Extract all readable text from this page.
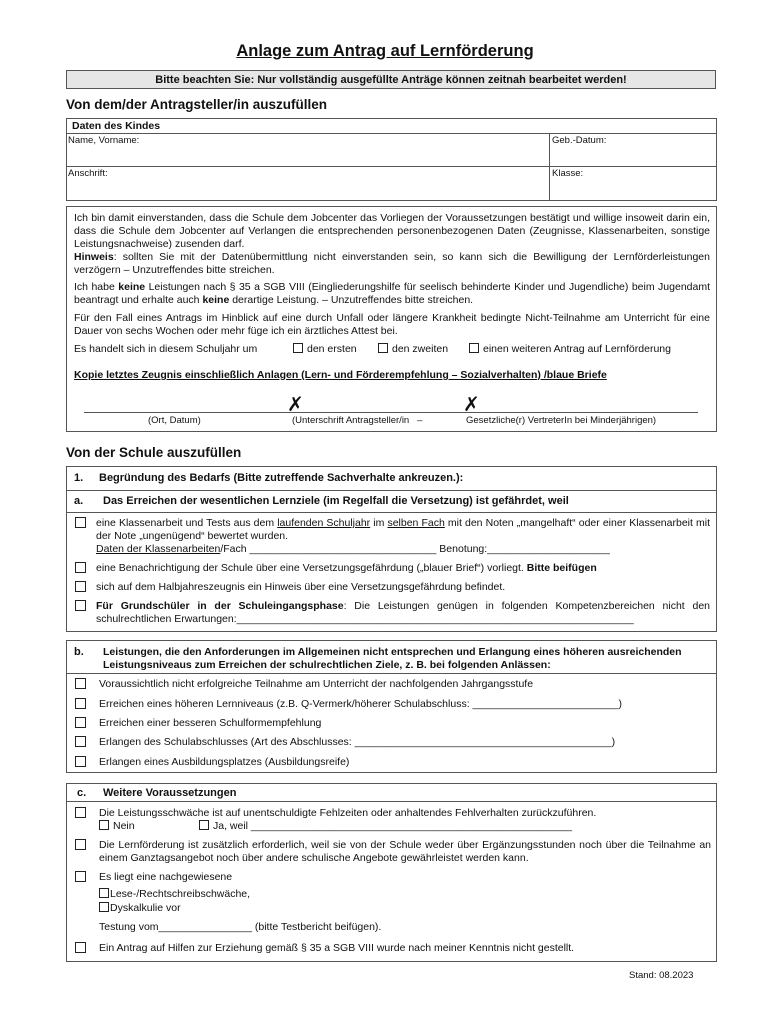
Anlage zum Antrag auf Lernförderung
Bitte beachten Sie: Nur vollständig ausgefüllte Anträge können zeitnah bearbeitet werden!
Von dem/der Antragsteller/in auszufüllen
Daten des Kindes
Name, Vorname:	Geb.-Datum:
Anschrift:	Klasse:
Ich bin damit einverstanden, dass die Schule dem Jobcenter das Vorliegen der Voraussetzungen bestätigt und willige insoweit darin ein, dass die Schule dem Jobcenter auf Verlangen die entsprechenden personenbezogenen Daten (Zeugnisse, Klassenarbeiten, sonstige Leistungsnachweise) zusenden darf.
Hinweis: sollten Sie mit der Datenübermittlung nicht einverstanden sein, so kann sich die Bewilligung der Lernförderleistungen verzögern – Unzutreffendes bitte streichen.
Ich habe keine Leistungen nach § 35 a SGB VIII (Eingliederungshilfe für seelisch behinderte Kinder und Jugendliche) beim Jugendamt beantragt und erhalte auch keine derartige Leistung. – Unzutreffendes bitte streichen.
Für den Fall eines Antrags im Hinblick auf eine durch Unfall oder längere Krankheit bedingte Nicht-Teilnahme am Unterricht für eine Dauer von sechs Wochen oder mehr füge ich ein ärztliches Attest bei.
Es handelt sich in diesem Schuljahr um	den ersten	den zweiten	einen weiteren Antrag auf Lernförderung
Kopie letztes Zeugnis einschließlich Anlagen (Lern- und Förderempfehlung – Sozialverhalten) /blaue Briefe
✗	✗
(Ort, Datum)	(Unterschrift Antragsteller/in   –	Gesetzliche(r) VertreterIn bei Minderjährigen)
Von der Schule auszufüllen
1. Begründung des Bedarfs (Bitte zutreffende Sachverhalte ankreuzen.):
a. Das Erreichen der wesentlichen Lernziele (im Regelfall die Versetzung) ist gefährdet, weil
eine Klassenarbeit und Tests aus dem laufenden Schuljahr im selben Fach mit den Noten „mangelhaft“ oder einer Klassenarbeit mit der Note „ungenügend“ bewertet wurden.
Daten der Klassenarbeiten/Fach ________________________________ Benotung:_____________________
eine Benachrichtigung der Schule über eine Versetzungsgefährdung („blauer Brief“) vorliegt. Bitte beifügen
sich auf dem Halbjahreszeugnis ein Hinweis über eine Versetzungsgefährdung befindet.
Für Grundschüler in der Schuleingangsphase: Die Leistungen genügen in folgenden Kompetenzbereichen nicht den schulrechtlichen Erwartungen:____________________________________________________________________
b. Leistungen, die den Anforderungen im Allgemeinen nicht entsprechen und Erlangung eines höheren ausreichenden Leistungsniveaus zum Erreichen der schulrechtlichen Ziele, z. B. bei folgenden Anlässen:
Voraussichtlich nicht erfolgreiche Teilnahme am Unterricht der nachfolgenden Jahrgangsstufe
Erreichen eines höheren Lernniveaus (z.B. Q-Vermerk/höherer Schulabschluss: _________________________)
Erreichen einer besseren Schulformempfehlung
Erlangen des Schulabschlusses (Art des Abschlusses: ____________________________________________)
Erlangen eines Ausbildungsplatzes (Ausbildungsreife)
c. Weitere Voraussetzungen
Die Leistungsschwäche ist auf unentschuldigte Fehlzeiten oder anhaltendes Fehlverhalten zurückzuführen.
Nein	Ja, weil _______________________________________________________
Die Lernförderung ist zusätzlich erforderlich, weil sie von der Schule weder über Ergänzungsstunden noch über die Teilnahme an einem Ganztagsangebot noch über andere schulische Angebote gewährleistet werden kann.
Es liegt eine nachgewiesene
Lese-/Rechtschreibschwäche,
Dyskalkulie vor
Testung vom________________ (bitte Testbericht beifügen).
Ein Antrag auf Hilfen zur Erziehung gemäß § 35 a SGB VIII wurde nach meiner Kenntnis nicht gestellt.
Stand: 08.2023
